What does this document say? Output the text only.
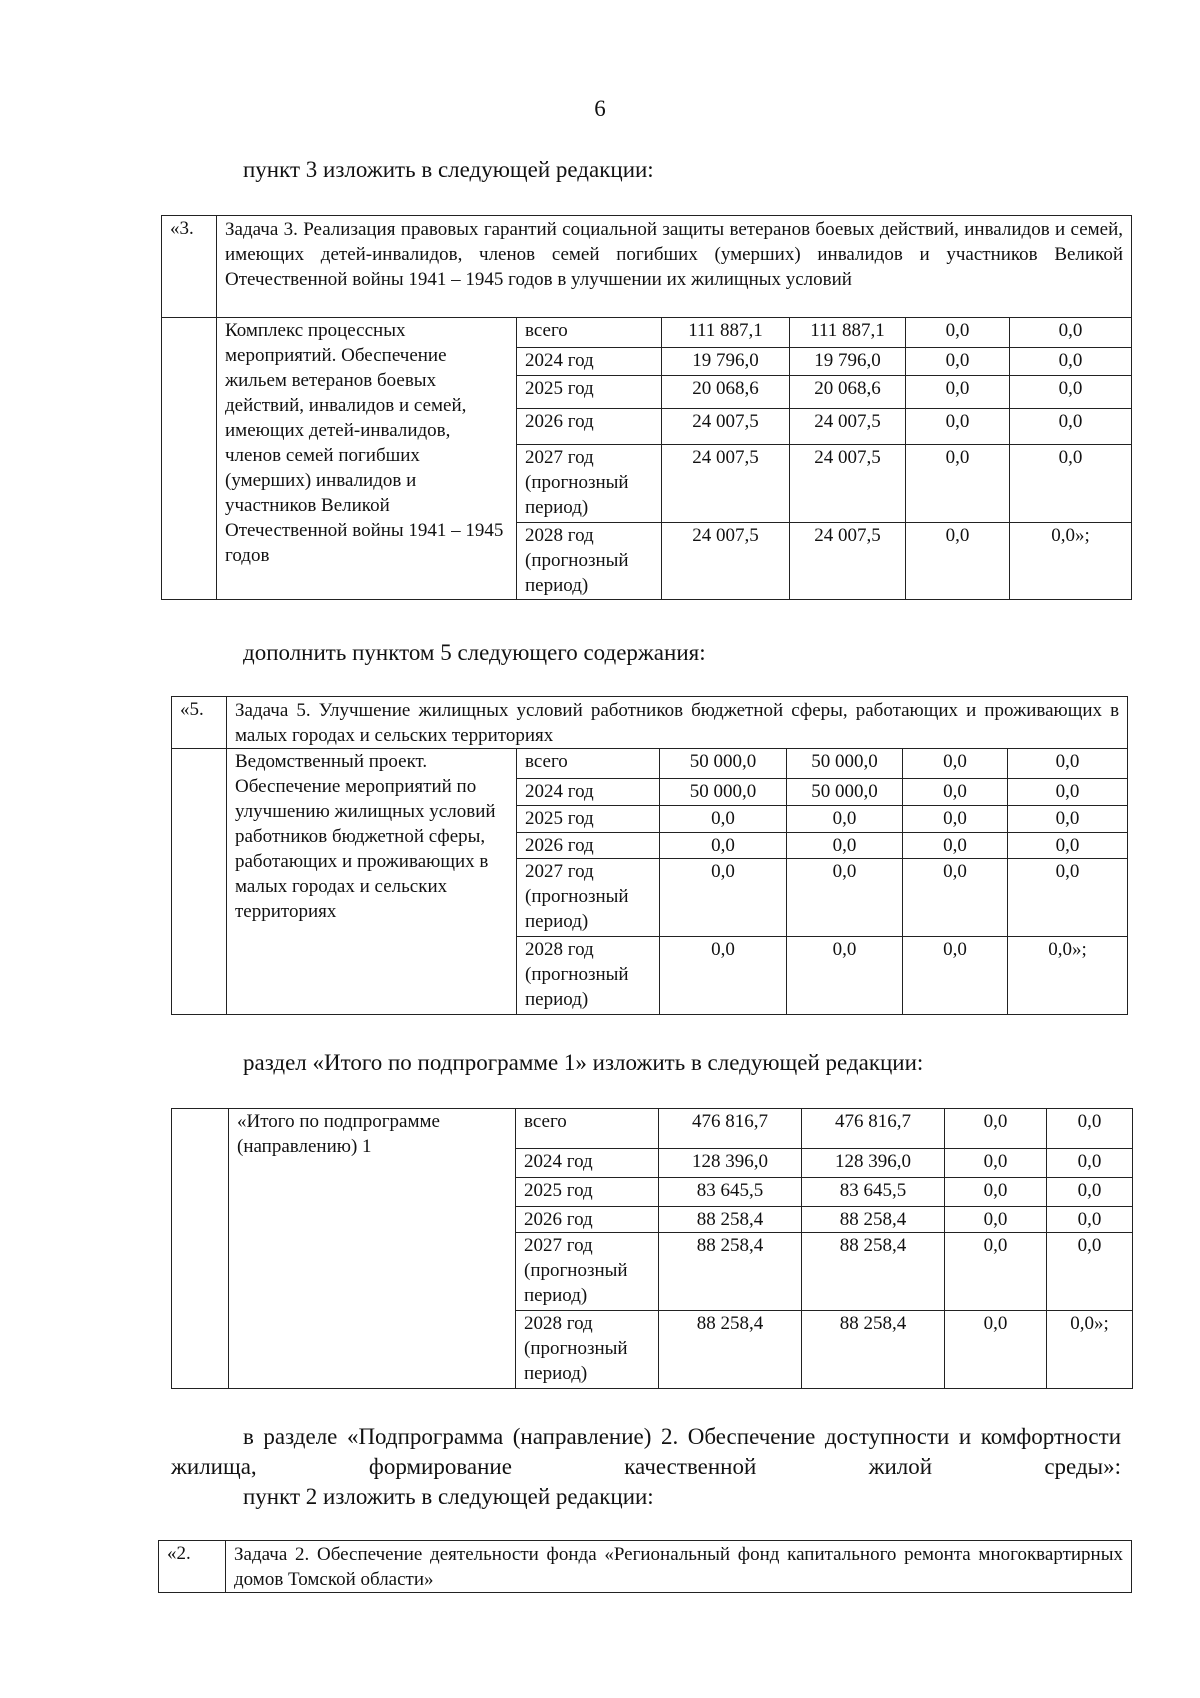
6
пункт 3 изложить в следующей редакции:
«3.	Задача 3. Реализация правовых гарантий социальной защиты ветеранов боевых действий, инвалидов и семей, имеющих детей-инвалидов, членов семей погибших (умерших) инвалидов и участников Великой Отечественной войны 1941 – 1945 годов в улучшении их жилищных условий					
	Комплекс процессных мероприятий. Обеспечение жильем ветеранов боевых действий, инвалидов и семей, имеющих детей-инвалидов, членов семей погибших (умерших) инвалидов и участников Великой Отечественной войны 1941 – 1945 годов	всего	111 887,1	111 887,1	0,0	0,0
		2024 год	19 796,0	19 796,0	0,0	0,0
		2025 год	20 068,6	20 068,6	0,0	0,0
		2026 год	24 007,5	24 007,5	0,0	0,0
		2027 год (прогнозный период)	24 007,5	24 007,5	0,0	0,0
		2028 год (прогнозный период)	24 007,5	24 007,5	0,0	0,0»;
дополнить пунктом 5 следующего содержания:
«5.	Задача 5. Улучшение жилищных условий работников бюджетной сферы, работающих и проживающих в малых городах и сельских территориях					
	Ведомственный проект. Обеспечение мероприятий по улучшению жилищных условий работников бюджетной сферы, работающих и проживающих в малых городах и сельских территориях	всего	50 000,0	50 000,0	0,0	0,0
		2024 год	50 000,0	50 000,0	0,0	0,0
		2025 год	0,0	0,0	0,0	0,0
		2026 год	0,0	0,0	0,0	0,0
		2027 год (прогнозный период)	0,0	0,0	0,0	0,0
		2028 год (прогнозный период)	0,0	0,0	0,0	0,0»;
раздел «Итого по подпрограмме 1» изложить в следующей редакции:
	«Итого по подпрограмме (направлению) 1	всего	476 816,7	476 816,7	0,0	0,0
		2024 год	128 396,0	128 396,0	0,0	0,0
		2025 год	83 645,5	83 645,5	0,0	0,0
		2026 год	88 258,4	88 258,4	0,0	0,0
		2027 год (прогнозный период)	88 258,4	88 258,4	0,0	0,0
		2028 год (прогнозный период)	88 258,4	88 258,4	0,0	0,0»;
в разделе «Подпрограмма (направление) 2. Обеспечение доступности и комфортности жилища, формирование качественной жилой среды»:
пункт 2 изложить в следующей редакции:
«2.	Задача 2. Обеспечение деятельности фонда «Региональный фонд капитального ремонта многоквартирных домов Томской области»
